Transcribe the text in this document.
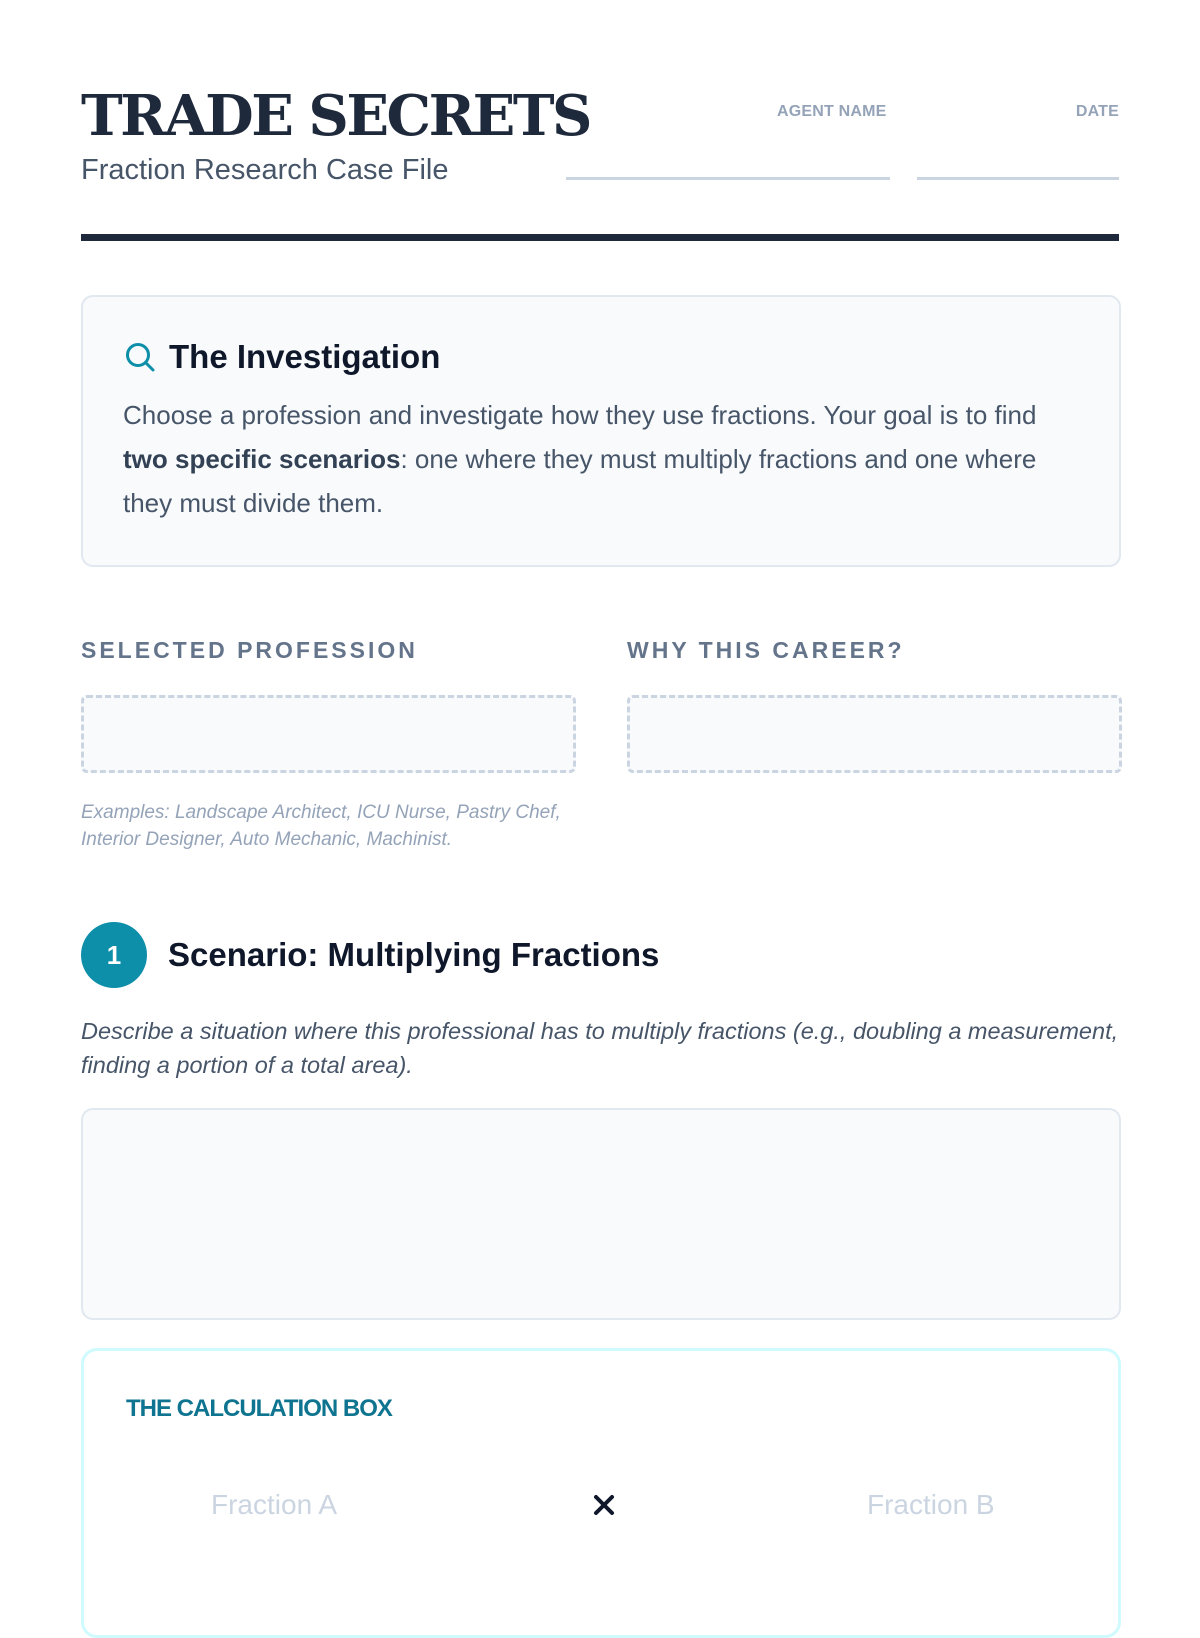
TRADE SECRETS
Fraction Research Case File
AGENT NAME	DATE
The Investigation
Choose a profession and investigate how they use fractions. Your goal is to find two specific scenarios: one where they must multiply fractions and one where they must divide them.
SELECTED PROFESSION
Examples: Landscape Architect, ICU Nurse, Pastry Chef, Interior Designer, Auto Mechanic, Machinist.
WHY THIS CAREER?
1	Scenario: Multiplying Fractions
Describe a situation where this professional has to multiply fractions (e.g., doubling a measurement, finding a portion of a total area).
THE CALCULATION BOX
Fraction A	Fraction B
